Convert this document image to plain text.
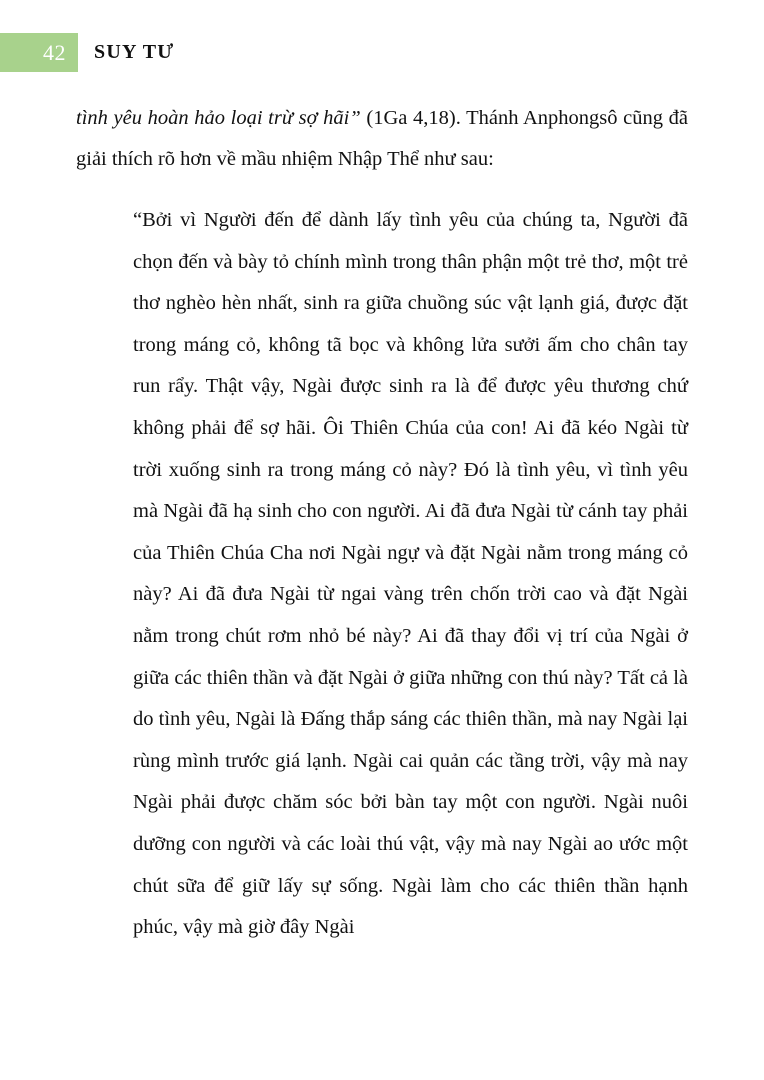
42	SUY TƯ

tình yêu hoàn hảo loại trừ sợ hãi” (1Ga 4,18). Thánh Anphongsô cũng đã giải thích rõ hơn về mầu nhiệm Nhập Thể như sau:

“Bởi vì Người đến để dành lấy tình yêu của chúng ta, Người đã chọn đến và bày tỏ chính mình trong thân phận một trẻ thơ, một trẻ thơ nghèo hèn nhất, sinh ra giữa chuồng súc vật lạnh giá, được đặt trong máng cỏ, không tã bọc và không lửa sưởi ấm cho chân tay run rẩy. Thật vậy, Ngài được sinh ra là để được yêu thương chứ không phải để sợ hãi. Ôi Thiên Chúa của con! Ai đã kéo Ngài từ trời xuống sinh ra trong máng cỏ này? Đó là tình yêu, vì tình yêu mà Ngài đã hạ sinh cho con người. Ai đã đưa Ngài từ cánh tay phải của Thiên Chúa Cha nơi Ngài ngự và đặt Ngài nằm trong máng cỏ này? Ai đã đưa Ngài từ ngai vàng trên chốn trời cao và đặt Ngài nằm trong chút rơm nhỏ bé này? Ai đã thay đổi vị trí của Ngài ở giữa các thiên thần và đặt Ngài ở giữa những con thú này? Tất cả là do tình yêu, Ngài là Đấng thắp sáng các thiên thần, mà nay Ngài lại rùng mình trước giá lạnh. Ngài cai quản các tầng trời, vậy mà nay Ngài phải được chăm sóc bởi bàn tay một con người. Ngài nuôi dưỡng con người và các loài thú vật, vậy mà nay Ngài ao ước một chút sữa để giữ lấy sự sống. Ngài làm cho các thiên thần hạnh phúc, vậy mà giờ đây Ngài
